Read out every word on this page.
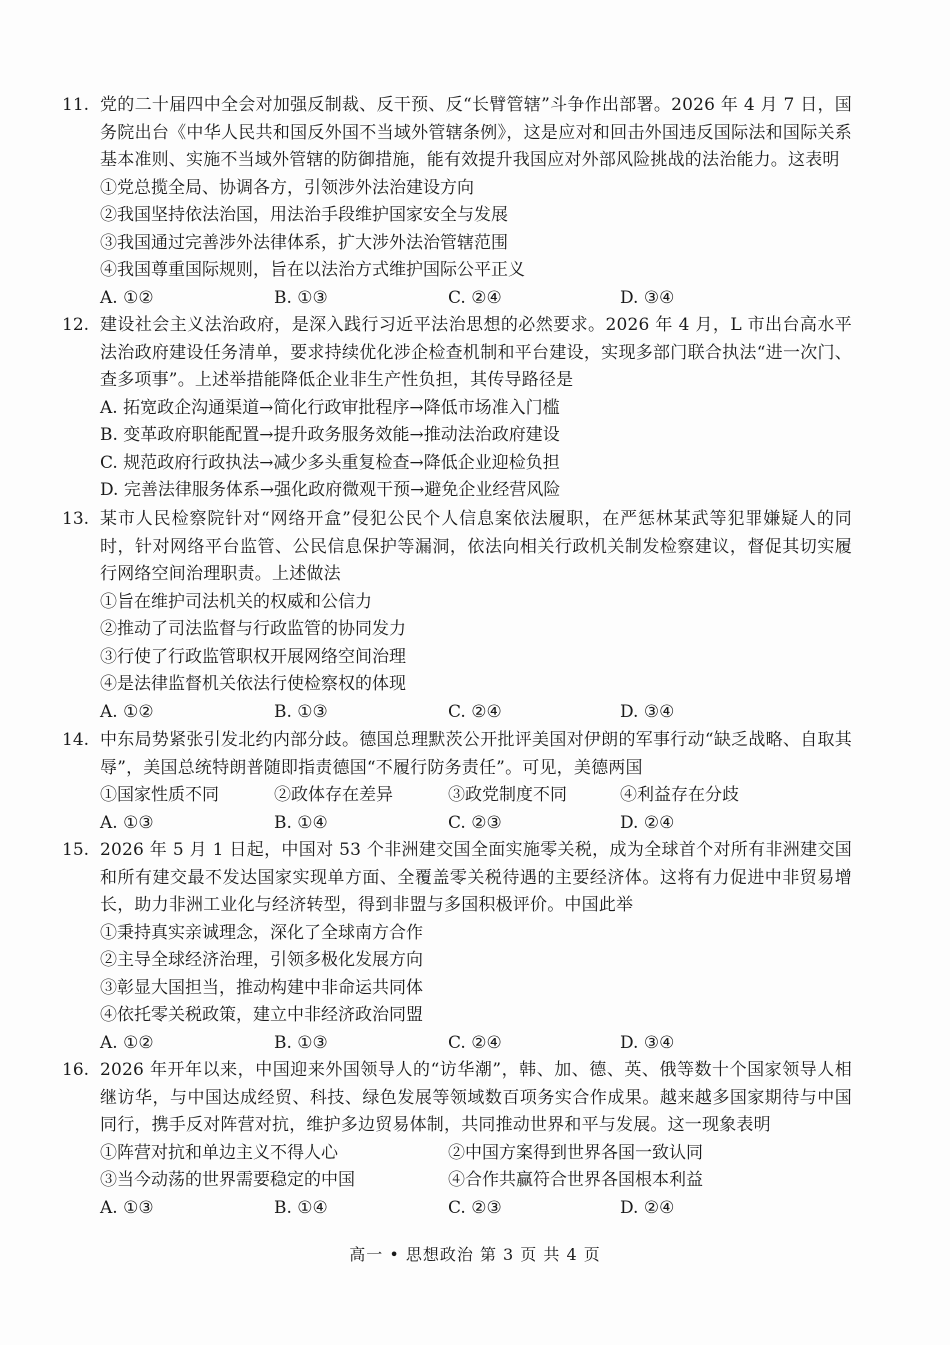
11. 党的二十届四中全会对加强反制裁、反干预、反“长臂管辖”斗争作出部署。2026 年 4 月 7 日，国务院出台《中华人民共和国反外国不当域外管辖条例》，这是应对和回击外国违反国际法和国际关系基本准则、实施不当域外管辖的防御措施，能有效提升我国应对外部风险挑战的法治能力。这表明
①党总揽全局、协调各方，引领涉外法治建设方向
②我国坚持依法治国，用法治手段维护国家安全与发展
③我国通过完善涉外法律体系，扩大涉外法治管辖范围
④我国尊重国际规则，旨在以法治方式维护国际公平正义
A. ①②	B. ①③	C. ②④	D. ③④
12. 建设社会主义法治政府，是深入践行习近平法治思想的必然要求。2026 年 4 月，L 市出台高水平法治政府建设任务清单，要求持续优化涉企检查机制和平台建设，实现多部门联合执法“进一次门、查多项事”。上述举措能降低企业非生产性负担，其传导路径是
A. 拓宽政企沟通渠道→简化行政审批程序→降低市场准入门槛
B. 变革政府职能配置→提升政务服务效能→推动法治政府建设
C. 规范政府行政执法→减少多头重复检查→降低企业迎检负担
D. 完善法律服务体系→强化政府微观干预→避免企业经营风险
13. 某市人民检察院针对“网络开盒”侵犯公民个人信息案依法履职，在严惩林某武等犯罪嫌疑人的同时，针对网络平台监管、公民信息保护等漏洞，依法向相关行政机关制发检察建议，督促其切实履行网络空间治理职责。上述做法
①旨在维护司法机关的权威和公信力
②推动了司法监督与行政监管的协同发力
③行使了行政监管职权开展网络空间治理
④是法律监督机关依法行使检察权的体现
A. ①②	B. ①③	C. ②④	D. ③④
14. 中东局势紧张引发北约内部分歧。德国总理默茨公开批评美国对伊朗的军事行动“缺乏战略、自取其辱”，美国总统特朗普随即指责德国“不履行防务责任”。可见，美德两国
①国家性质不同	②政体存在差异	③政党制度不同	④利益存在分歧
A. ①③	B. ①④	C. ②③	D. ②④
15. 2026 年 5 月 1 日起，中国对 53 个非洲建交国全面实施零关税，成为全球首个对所有非洲建交国和所有建交最不发达国家实现单方面、全覆盖零关税待遇的主要经济体。这将有力促进中非贸易增长，助力非洲工业化与经济转型，得到非盟与多国积极评价。中国此举
①秉持真实亲诚理念，深化了全球南方合作
②主导全球经济治理，引领多极化发展方向
③彰显大国担当，推动构建中非命运共同体
④依托零关税政策，建立中非经济政治同盟
A. ①②	B. ①③	C. ②④	D. ③④
16. 2026 年开年以来，中国迎来外国领导人的“访华潮”，韩、加、德、英、俄等数十个国家领导人相继访华，与中国达成经贸、科技、绿色发展等领域数百项务实合作成果。越来越多国家期待与中国同行，携手反对阵营对抗，维护多边贸易体制，共同推动世界和平与发展。这一现象表明
①阵营对抗和单边主义不得人心	②中国方案得到世界各国一致认同
③当今动荡的世界需要稳定的中国	④合作共赢符合世界各国根本利益
A. ①③	B. ①④	C. ②③	D. ②④
高一 • 思想政治 第 3 页 共 4 页
